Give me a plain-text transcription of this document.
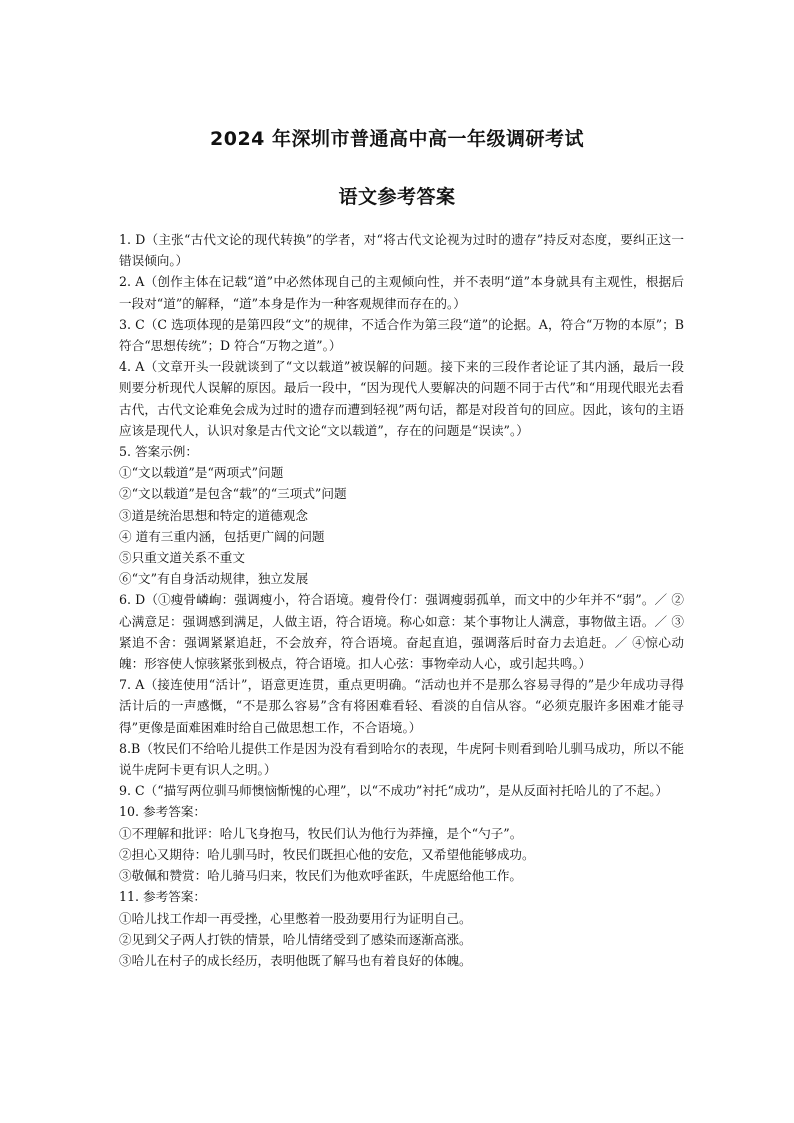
2024 年深圳市普通高中高一年级调研考试
语文参考答案

1. D（主张“古代文论的现代转换”的学者，对“将古代文论视为过时的遗存”持反对态度，要纠正这一错误倾向。）

2. A（创作主体在记载“道”中必然体现自己的主观倾向性，并不表明“道”本身就具有主观性，根据后一段对“道”的解释，“道”本身是作为一种客观规律而存在的。）

3. C（C 选项体现的是第四段“文”的规律，不适合作为第三段“道”的论据。A，符合“万物的本原”；B 符合“思想传统”；D 符合“万物之道”。）

4. A（文章开头一段就谈到了“文以载道”被误解的问题。接下来的三段作者论证了其内涵，最后一段则要分析现代人误解的原因。最后一段中，“因为现代人要解决的问题不同于古代”和“用现代眼光去看古代，古代文论难免会成为过时的遗存而遭到轻视”两句话，都是对段首句的回应。因此，该句的主语应该是现代人，认识对象是古代文论“文以载道”，存在的问题是“误读”。）

5. 答案示例：

①“文以载道”是“两项式”问题

②“文以载道”是包含“载”的“三项式”问题

③道是统治思想和特定的道德观念

④ 道有三重内涵，包括更广阔的问题

⑤只重文道关系不重文

⑥“文”有自身活动规律，独立发展

6. D（①瘦骨嶙峋：强调瘦小，符合语境。瘦骨伶仃：强调瘦弱孤单，而文中的少年并不“弱”。／ ②心满意足：强调感到满足，人做主语，符合语境。称心如意：某个事物让人满意，事物做主语。／ ③紧追不舍：强调紧紧追赶，不会放弃，符合语境。奋起直追，强调落后时奋力去追赶。／ ④惊心动魄：形容使人惊骇紧张到极点，符合语境。扣人心弦：事物牵动人心，或引起共鸣。）

7. A（接连使用“活计”，语意更连贯，重点更明确。“活动也并不是那么容易寻得的”是少年成功寻得活计后的一声感慨，“不是那么容易”含有将困难看轻、看淡的自信从容。“必须克服许多困难才能寻得”更像是面难困难时给自己做思想工作，不合语境。）

8.B（牧民们不给哈儿提供工作是因为没有看到哈尔的表现，牛虎阿卡则看到哈儿驯马成功，所以不能说牛虎阿卡更有识人之明。）

9. C（“描写两位驯马师懊恼惭愧的心理”，以“不成功”衬托“成功”，是从反面衬托哈儿的了不起。）

10. 参考答案：

①不理解和批评：哈儿飞身抱马，牧民们认为他行为莽撞，是个“勺子”。

②担心又期待：哈儿驯马时，牧民们既担心他的安危，又希望他能够成功。

③敬佩和赞赏：哈儿骑马归来，牧民们为他欢呼雀跃，牛虎愿给他工作。

11. 参考答案：

①哈儿找工作却一再受挫，心里憋着一股劲要用行为证明自己。

②见到父子两人打铁的情景，哈儿情绪受到了感染而逐渐高涨。

③哈儿在村子的成长经历，表明他既了解马也有着良好的体魄。
